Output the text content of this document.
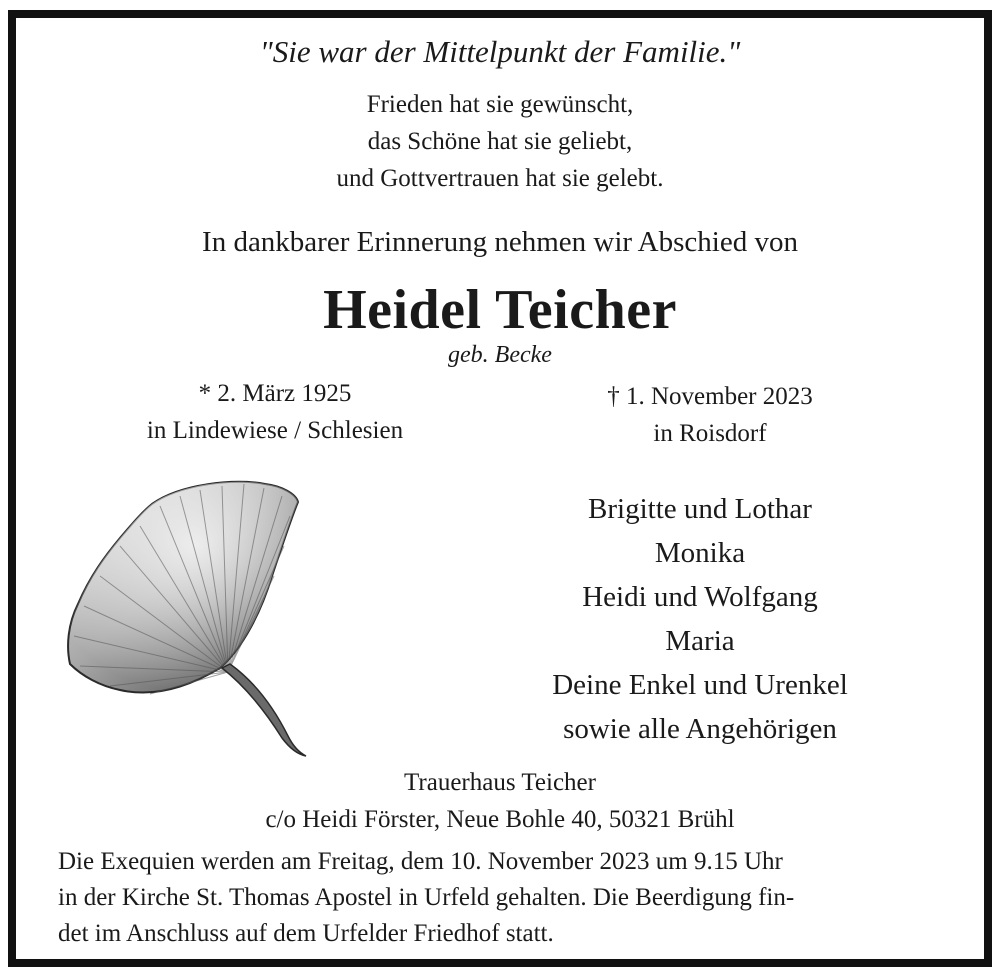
"Sie war der Mittelpunkt der Familie."
Frieden hat sie gewünscht,
das Schöne hat sie geliebt,
und Gottvertrauen hat sie gelebt.
In dankbarer Erinnerung nehmen wir Abschied von
Heidel Teicher
geb. Becke
* 2. März 1925
in Lindewiese / Schlesien
† 1. November 2023
in Roisdorf
Brigitte und Lothar
Monika
Heidi und Wolfgang
Maria
Deine Enkel und Urenkel
sowie alle Angehörigen
Trauerhaus Teicher
c/o Heidi Förster, Neue Bohle 40, 50321 Brühl
Die Exequien werden am Freitag, dem 10. November 2023 um 9.15 Uhr
in der Kirche St. Thomas Apostel in Urfeld gehalten. Die Beerdigung fin-
det im Anschluss auf dem Urfelder Friedhof statt.
